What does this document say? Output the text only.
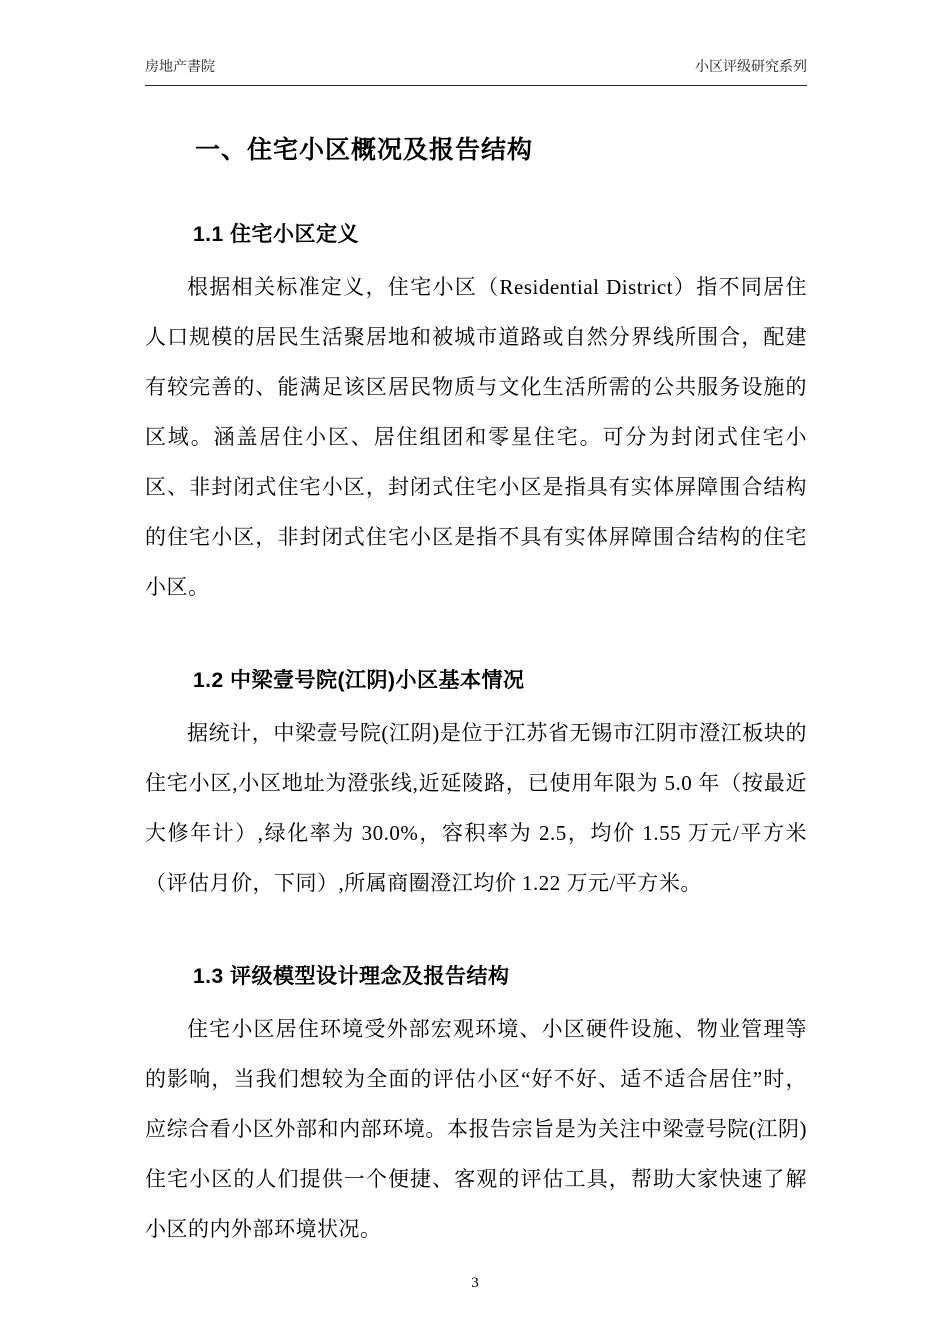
房地产書院	小区评级研究系列
一、住宅小区概况及报告结构
1.1 住宅小区定义

根据相关标准定义，住宅小区（Residential District）指不同居住人口规模的居民生活聚居地和被城市道路或自然分界线所围合，配建有较完善的、能满足该区居民物质与文化生活所需的公共服务设施的区域。涵盖居住小区、居住组团和零星住宅。可分为封闭式住宅小区、非封闭式住宅小区，封闭式住宅小区是指具有实体屏障围合结构的住宅小区，非封闭式住宅小区是指不具有实体屏障围合结构的住宅小区。

1.2 中梁壹号院(江阴)小区基本情况

据统计，中梁壹号院(江阴)是位于江苏省无锡市江阴市澄江板块的住宅小区,小区地址为澄张线,近延陵路，已使用年限为 5.0 年（按最近大修年计）,绿化率为 30.0%，容积率为 2.5，均价 1.55 万元/平方米（评估月价，下同）,所属商圈澄江均价 1.22 万元/平方米。

1.3 评级模型设计理念及报告结构

住宅小区居住环境受外部宏观环境、小区硬件设施、物业管理等的影响，当我们想较为全面的评估小区“好不好、适不适合居住”时，应综合看小区外部和内部环境。本报告宗旨是为关注中梁壹号院(江阴)住宅小区的人们提供一个便捷、客观的评估工具，帮助大家快速了解小区的内外部环境状况。

3
